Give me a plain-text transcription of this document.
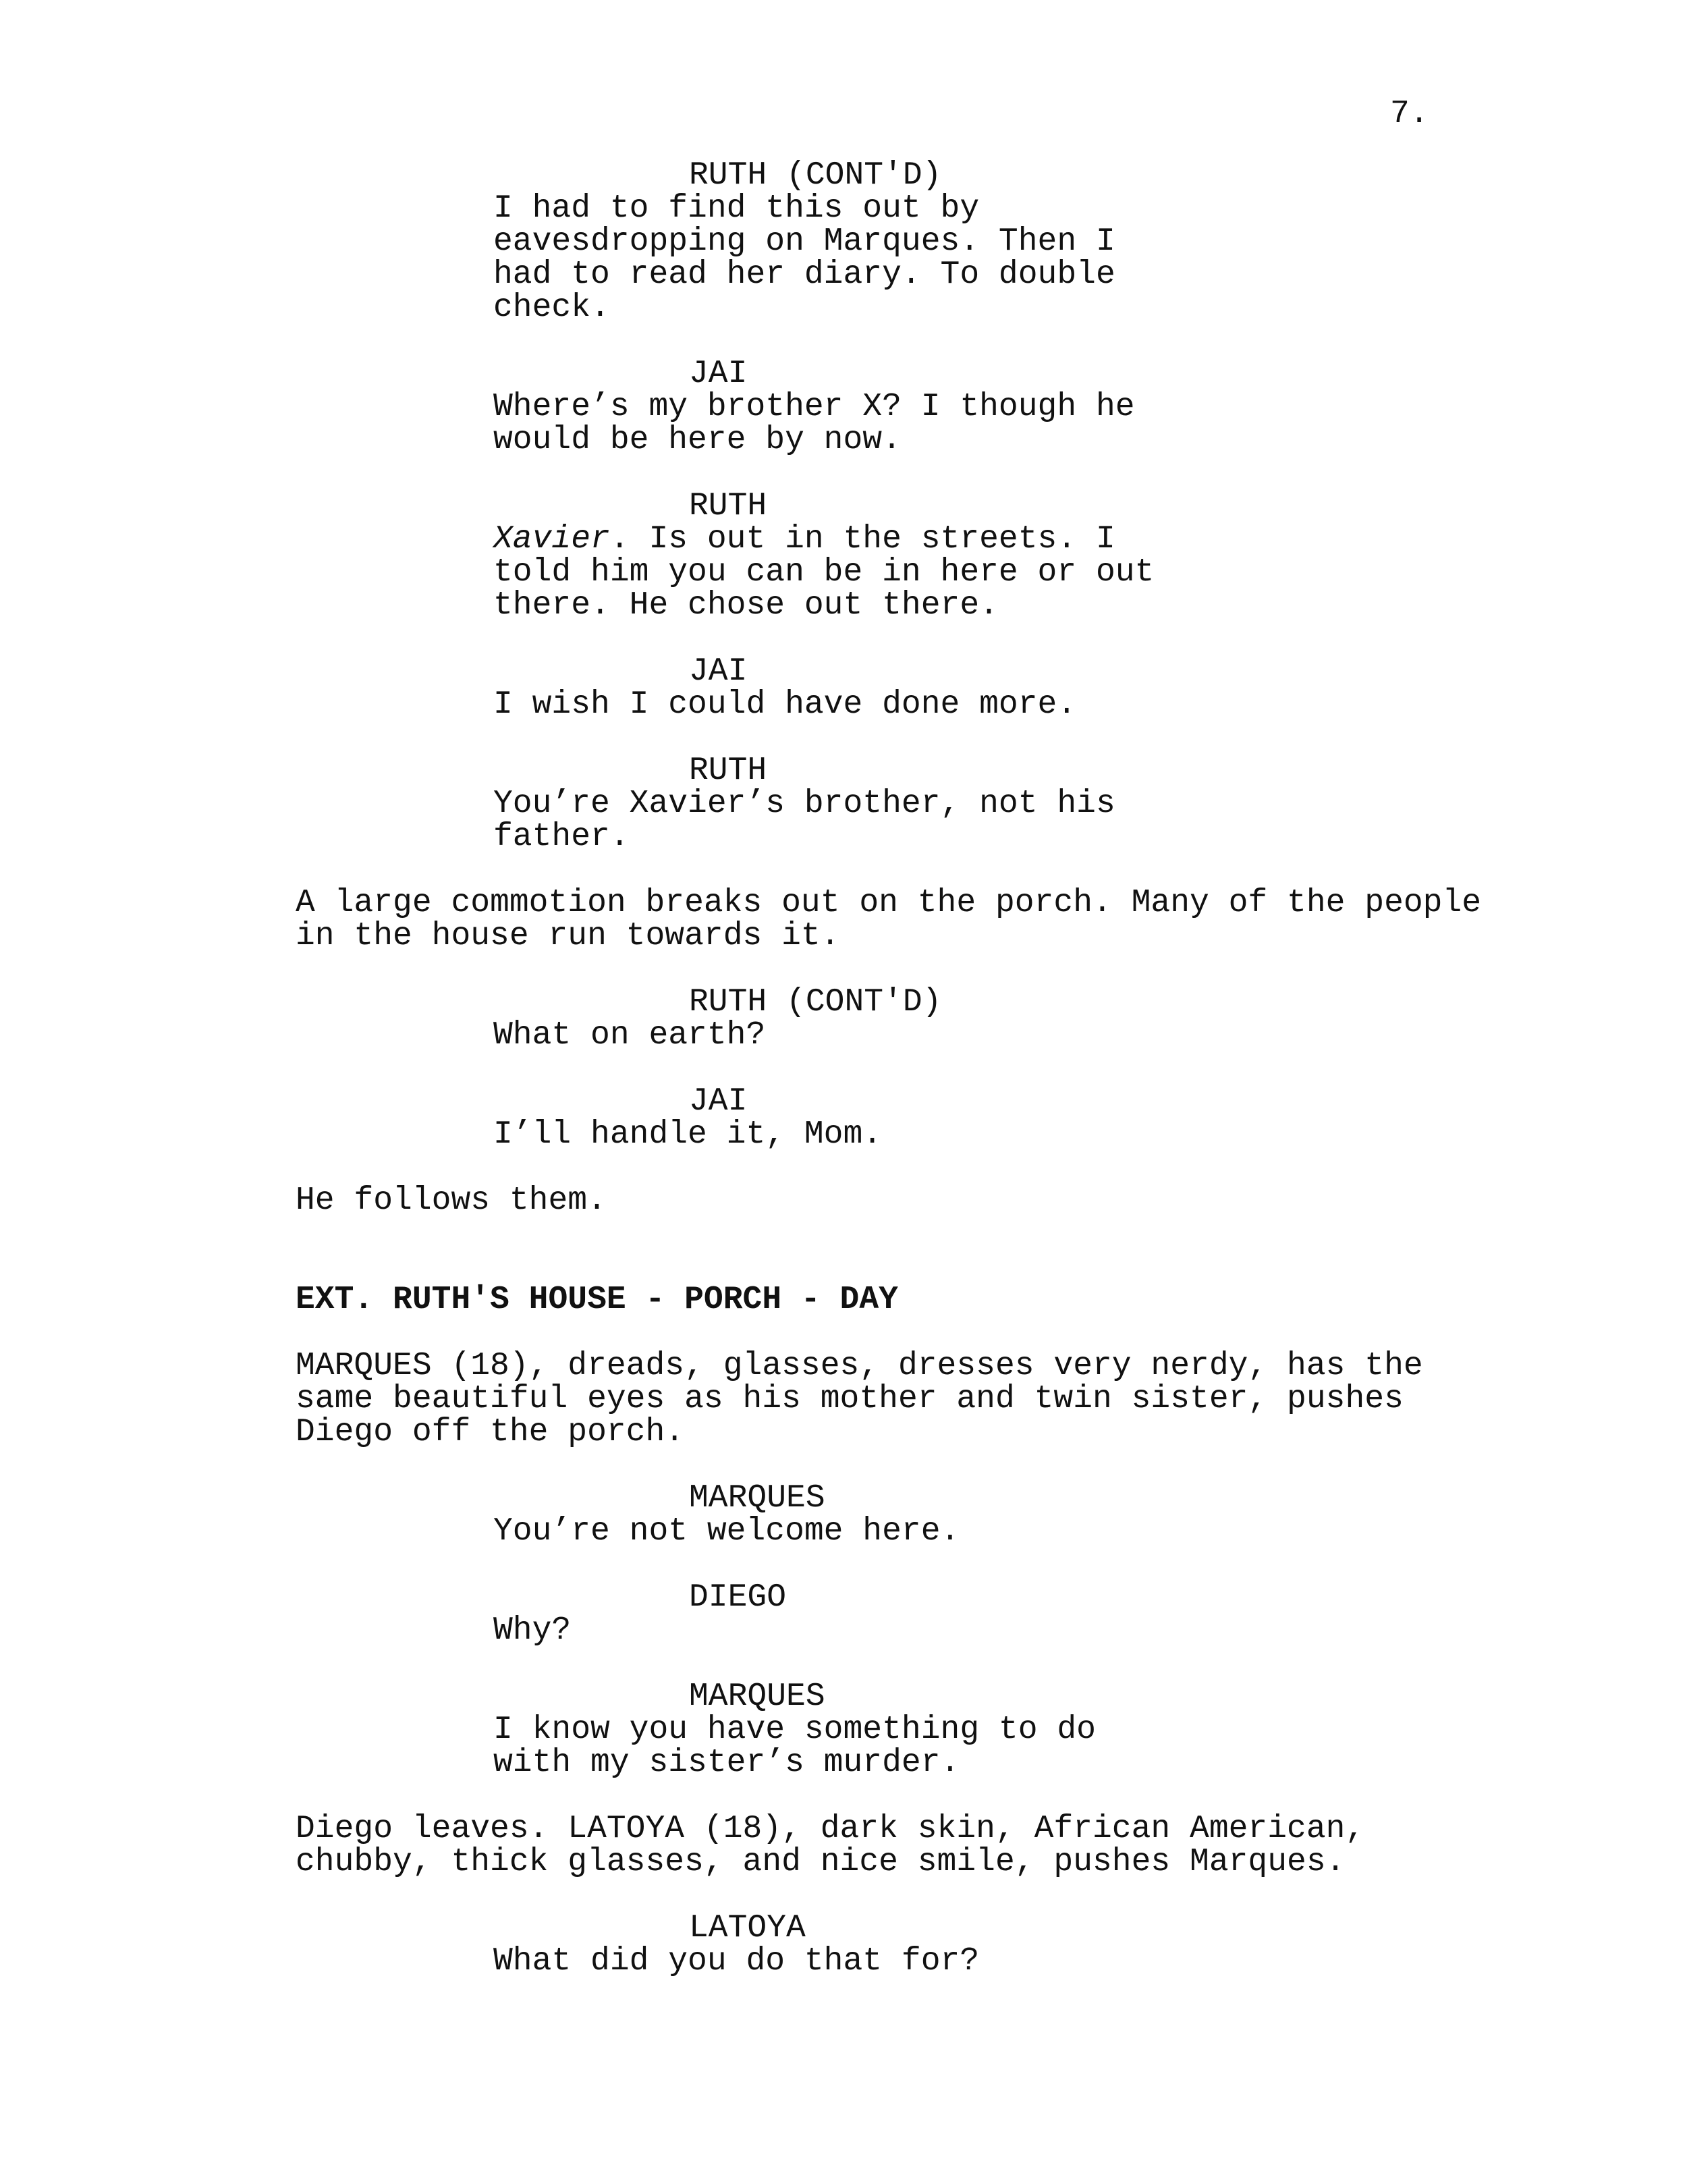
7.
RUTH (CONT'D)
I had to find this out by
eavesdropping on Marques. Then I
had to read her diary. To double
check.
JAI
Where’s my brother X? I though he
would be here by now.
RUTH
Xavier. Is out in the streets. I
told him you can be in here or out
there. He chose out there.
JAI
I wish I could have done more.
RUTH
You’re Xavier’s brother, not his
father.
A large commotion breaks out on the porch. Many of the people
in the house run towards it.
RUTH (CONT'D)
What on earth?
JAI
I’ll handle it, Mom.
He follows them.
EXT. RUTH'S HOUSE - PORCH - DAY
MARQUES (18), dreads, glasses, dresses very nerdy, has the
same beautiful eyes as his mother and twin sister, pushes
Diego off the porch.
MARQUES
You’re not welcome here.
DIEGO
Why?
MARQUES
I know you have something to do
with my sister’s murder.
Diego leaves. LATOYA (18), dark skin, African American,
chubby, thick glasses, and nice smile, pushes Marques.
LATOYA
What did you do that for?
